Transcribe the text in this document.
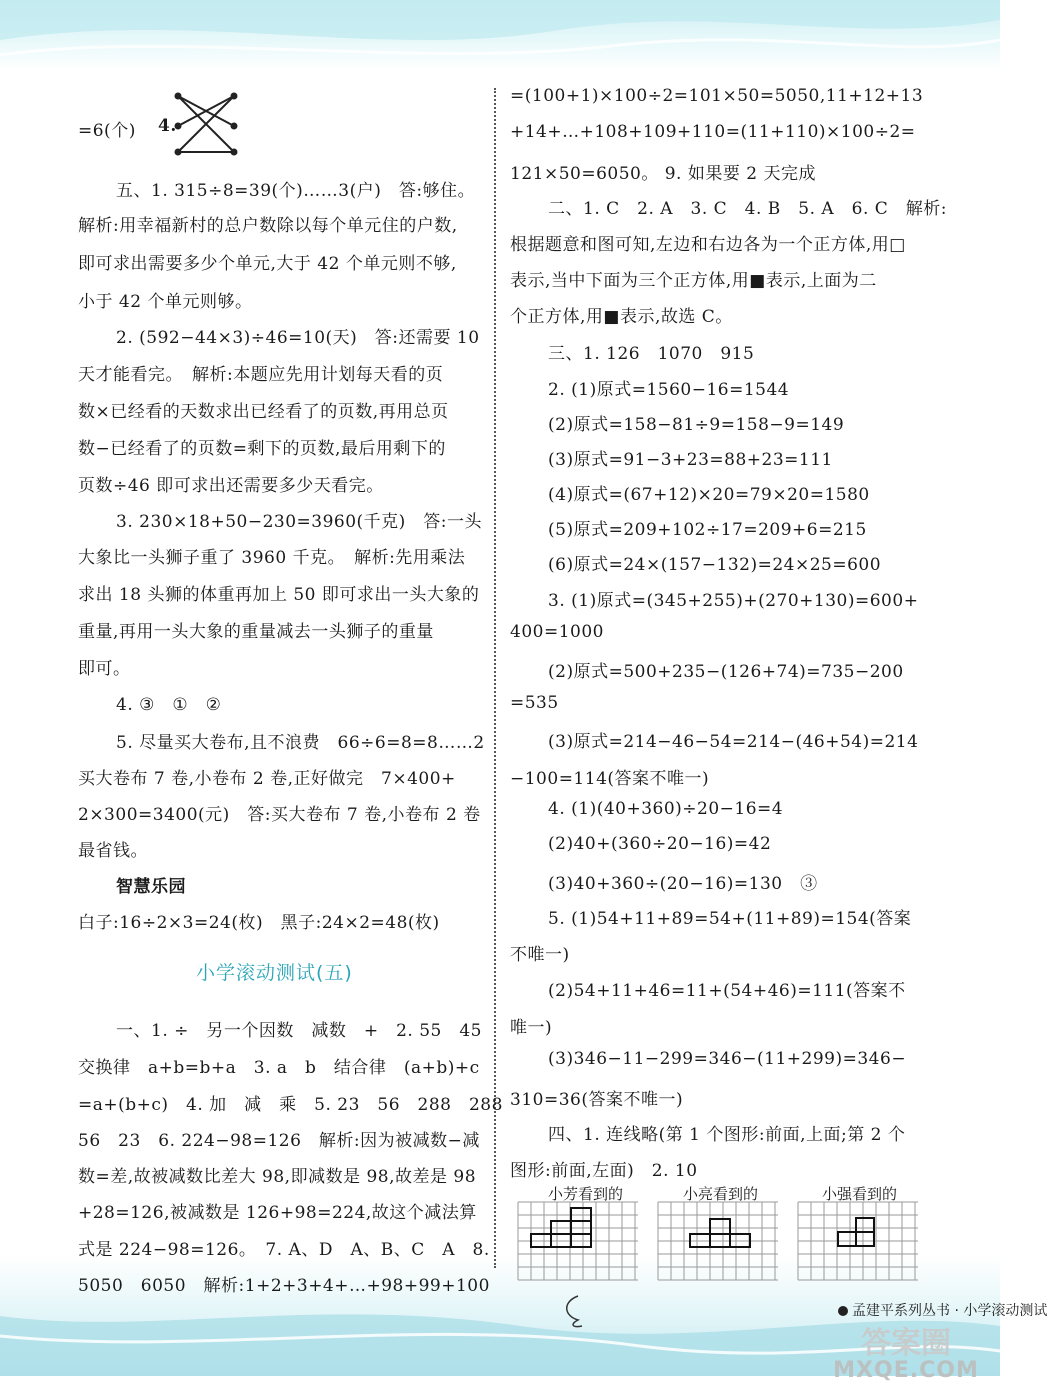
=6(个) 4.
五、1. 315÷8=39(个)……3(户)　答:够住。
解析:用幸福新村的总户数除以每个单元住的户数,
即可求出需要多少个单元,大于 42 个单元则不够,
小于 42 个单元则够。
2. (592−44×3)÷46=10(天)　答:还需要 10
天才能看完。　解析:本题应先用计划每天看的页
数×已经看的天数求出已经看了的页数,再用总页
数−已经看了的页数=剩下的页数,最后用剩下的
页数÷46 即可求出还需要多少天看完。
3. 230×18+50−230=3960(千克)　答:一头
大象比一头狮子重了 3960 千克。　解析:先用乘法
求出 18 头狮的体重再加上 50 即可求出一头大象的
重量,再用一头大象的重量减去一头狮子的重量
即可。
4. ③　①　②
5. 尽量买大卷布,且不浪费　66÷6=8=8……2
买大卷布 7 卷,小卷布 2 卷,正好做完　7×400+
2×300=3400(元)　答:买大卷布 7 卷,小卷布 2 卷
最省钱。
智慧乐园
白子:16÷2×3=24(枚)　黑子:24×2=48(枚)
一、1. ÷　另一个因数　减数　+　2. 55　45
交换律　a+b=b+a　3. a　b　结合律　(a+b)+c
=a+(b+c)　4. 加　减　乘　5. 23　56　288　288
56　23　6. 224−98=126　解析:因为被减数−减
数=差,故被减数比差大 98,即减数是 98,故差是 98
+28=126,被减数是 126+98=224,故这个减法算
式是 224−98=126。　7. A、D　A、B、C　A　8.
5050　6050　解析:1+2+3+4+…+98+99+100
小学滚动测试(五)
=(100+1)×100÷2=101×50=5050,11+12+13
+14+…+108+109+110=(11+110)×100÷2=
121×50=6050。 9. 如果要 2 天完成
二、1. C　2. A　3. C　4. B　5. A　6. C　解析:
根据题意和图可知,左边和右边各为一个正方体,用□
表示,当中下面为三个正方体,用■表示,上面为二
个正方体,用■表示,故选 C。
三、1. 126　1070　915
2. (1)原式=1560−16=1544
(2)原式=158−81÷9=158−9=149
(3)原式=91−3+23=88+23=111
(4)原式=(67+12)×20=79×20=1580
(5)原式=209+102÷17=209+6=215
(6)原式=24×(157−132)=24×25=600
3. (1)原式=(345+255)+(270+130)=600+
400=1000
(2)原式=500+235−(126+74)=735−200
=535
(3)原式=214−46−54=214−(46+54)=214
−100=114(答案不唯一)
4. (1)(40+360)÷20−16=4
(2)40+(360÷20−16)=42
(3)40+360÷(20−16)=130　③
5. (1)54+11+89=54+(11+89)=154(答案
不唯一)
(2)54+11+46=11+(54+46)=111(答案不
唯一)
(3)346−11−299=346−(11+299)=346−
310=36(答案不唯一)
四、1. 连线略(第 1 个图形:前面,上面;第 2 个
图形:前面,左面)　2. 10
小芳看到的	小亮看到的	小强看到的
孟建平系列丛书 · 小学滚动测试
答案圈
MXQE.COM
